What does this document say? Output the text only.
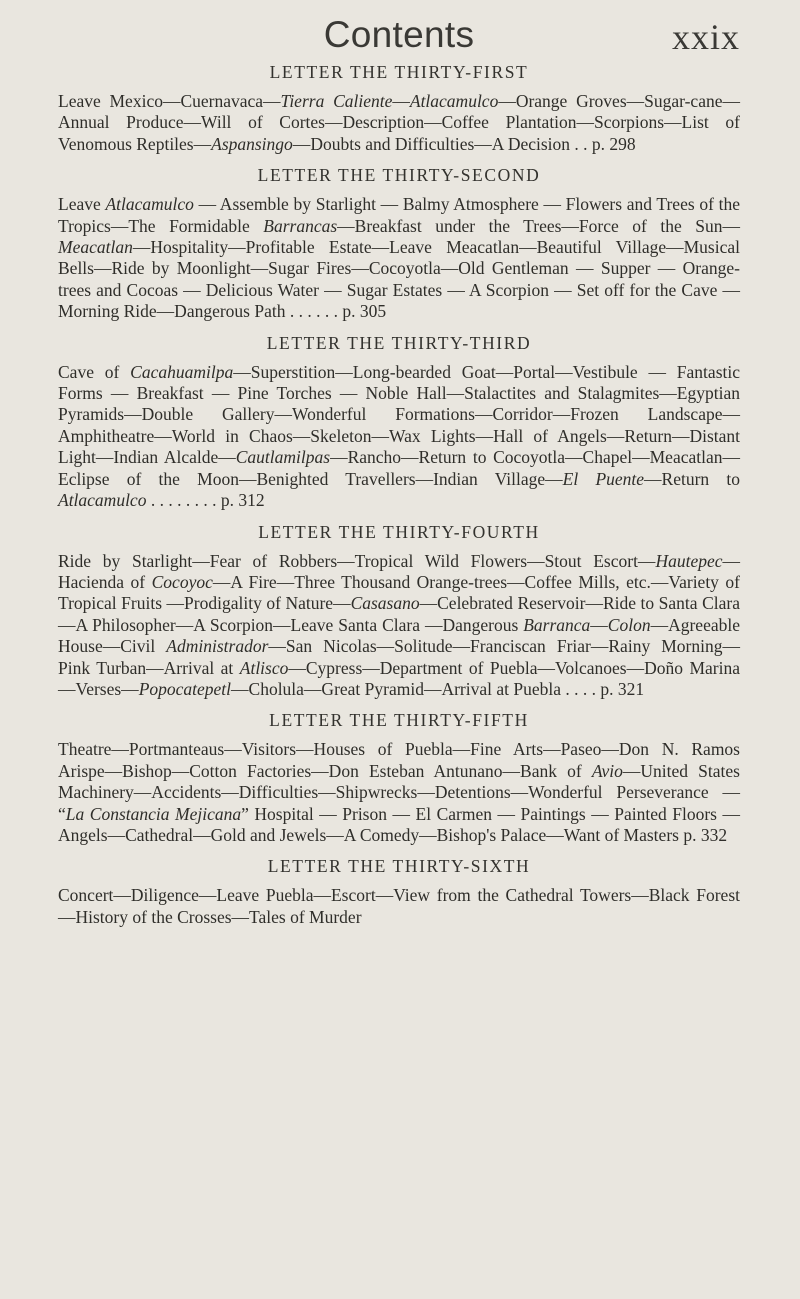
Contents	xxix
LETTER THE THIRTY-FIRST

Leave Mexico—Cuernavaca—Tierra Caliente—Atlacamulco—Orange Groves—Sugar-cane—Annual Produce—Will of Cortes—Description—Coffee Plantation—Scorpions—List of Venomous Reptiles—Aspansingo—Doubts and Difficulties—A Decision . . p. 298

LETTER THE THIRTY-SECOND

Leave Atlacamulco — Assemble by Starlight — Balmy Atmosphere — Flowers and Trees of the Tropics—The Formidable Barrancas—Breakfast under the Trees—Force of the Sun—Meacatlan—Hospitality—Profitable Estate—Leave Meacatlan—Beautiful Village—Musical Bells—Ride by Moonlight—Sugar Fires—Cocoyotla—Old Gentleman — Supper — Orange-trees and Cocoas — Delicious Water — Sugar Estates — A Scorpion — Set off for the Cave — Morning Ride—Dangerous Path . . . . . . p. 305

LETTER THE THIRTY-THIRD

Cave of Cacahuamilpa—Superstition—Long-bearded Goat—Portal—Vestibule — Fantastic Forms — Breakfast — Pine Torches — Noble Hall—Stalactites and Stalagmites—Egyptian Pyramids—Double Gallery—Wonderful Formations—Corridor—Frozen Landscape—Amphitheatre—World in Chaos—Skeleton—Wax Lights—Hall of Angels—Return—Distant Light—Indian Alcalde—Cautlamilpas—Rancho—Return to Cocoyotla—Chapel—Meacatlan—Eclipse of the Moon—Benighted Travellers—Indian Village—El Puente—Return to Atlacamulco . . . . . . . . p. 312

LETTER THE THIRTY-FOURTH

Ride by Starlight—Fear of Robbers—Tropical Wild Flowers—Stout Escort—Hautepec—Hacienda of Cocoyoc—A Fire—Three Thousand Orange-trees—Coffee Mills, etc.—Variety of Tropical Fruits —Prodigality of Nature—Casasano—Celebrated Reservoir—Ride to Santa Clara—A Philosopher—A Scorpion—Leave Santa Clara —Dangerous Barranca—Colon—Agreeable House—Civil Administrador—San Nicolas—Solitude—Franciscan Friar—Rainy Morning—Pink Turban—Arrival at Atlisco—Cypress—Department of Puebla—Volcanoes—Doño Marina—Verses—Popocatepetl—Cholula—Great Pyramid—Arrival at Puebla . . . . p. 321

LETTER THE THIRTY-FIFTH

Theatre—Portmanteaus—Visitors—Houses of Puebla—Fine Arts—Paseo—Don N. Ramos Arispe—Bishop—Cotton Factories—Don Esteban Antunano—Bank of Avio—United States Machinery—Accidents—Difficulties—Shipwrecks—Detentions—Wonderful Perseverance — “La Constancia Mejicana” Hospital — Prison — El Carmen — Paintings — Painted Floors — Angels—Cathedral—Gold and Jewels—A Comedy—Bishop's Palace—Want of Masters p. 332

LETTER THE THIRTY-SIXTH

Concert—Diligence—Leave Puebla—Escort—View from the Cathedral Towers—Black Forest—History of the Crosses—Tales of Murder
